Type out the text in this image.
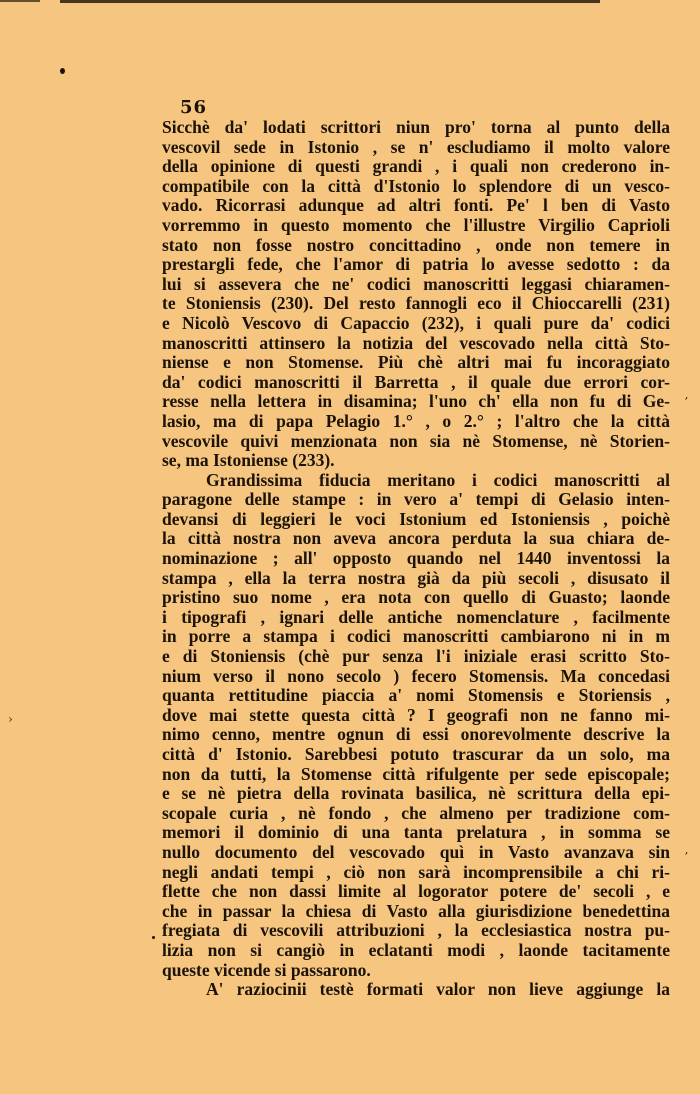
›
ʼ
ʼ
56
Sicchè da' lodati scrittori niun pro' torna al punto della
vescovil sede in Istonio , se n' escludiamo il molto valore
della opinione di questi grandi , i quali non crederono in-
compatibile con la città d'Istonio lo splendore di un vesco-
vado. Ricorrasi adunque ad altri fonti. Pe' l ben di Vasto
vorremmo in questo momento che l'illustre Virgilio Caprioli
stato non fosse nostro concittadino , onde non temere in
prestargli fede, che l'amor di patria lo avesse sedotto : da
lui si assevera che ne' codici manoscritti leggasi chiaramen-
te Stoniensis (230). Del resto fannogli eco il Chioccarelli (231)
e Nicolò Vescovo di Capaccio (232), i quali pure da' codici
manoscritti attinsero la notizia del vescovado nella città Sto-
niense e non Stomense. Più chè altri mai fu incoraggiato
da' codici manoscritti il Barretta , il quale due errori cor-
resse nella lettera in disamina; l'uno ch' ella non fu di Ge-
lasio, ma di papa Pelagio 1.° , o 2.° ; l'altro che la città
vescovile quivi menzionata non sia nè Stomense, nè Storien-
se, ma Istoniense (233).
Grandissima fiducia meritano i codici manoscritti al
paragone delle stampe : in vero a' tempi di Gelasio inten-
devansi di leggieri le voci Istonium ed Istoniensis , poichè
la città nostra non aveva ancora perduta la sua chiara de-
nominazione ; all' opposto quando nel 1440 inventossi la
stampa , ella la terra nostra già da più secoli , disusato il
pristino suo nome , era nota con quello di Guasto; laonde
i tipografi , ignari delle antiche nomenclature , facilmente
in porre a stampa i codici manoscritti cambiarono ni in m
e di Stoniensis (chè pur senza l'i iniziale erasi scritto Sto-
nium verso il nono secolo ) fecero Stomensis. Ma concedasi
quanta rettitudine piaccia a' nomi Stomensis e Storiensis ,
dove mai stette questa città ? I geografi non ne fanno mi-
nimo cenno, mentre ognun di essi onorevolmente descrive la
città d' Istonio. Sarebbesi potuto trascurar da un solo, ma
non da tutti, la Stomense città rifulgente per sede episcopale;
e se nè pietra della rovinata basilica, nè scrittura della epi-
scopale curia , nè fondo , che almeno per tradizione com-
memori il dominio di una tanta prelatura , in somma se
nullo documento del vescovado quì in Vasto avanzava sin
negli andati tempi , ciò non sarà incomprensibile a chi ri-
flette che non dassi limite al logorator potere de' secoli , e
che in passar la chiesa di Vasto alla giurisdizione benedettina
fregiata di vescovili attribuzioni , la ecclesiastica nostra pu-
lizia non si cangiò in eclatanti modi , laonde tacitamente
queste vicende si passarono.
A' raziocinii testè formati valor non lieve aggiunge la
